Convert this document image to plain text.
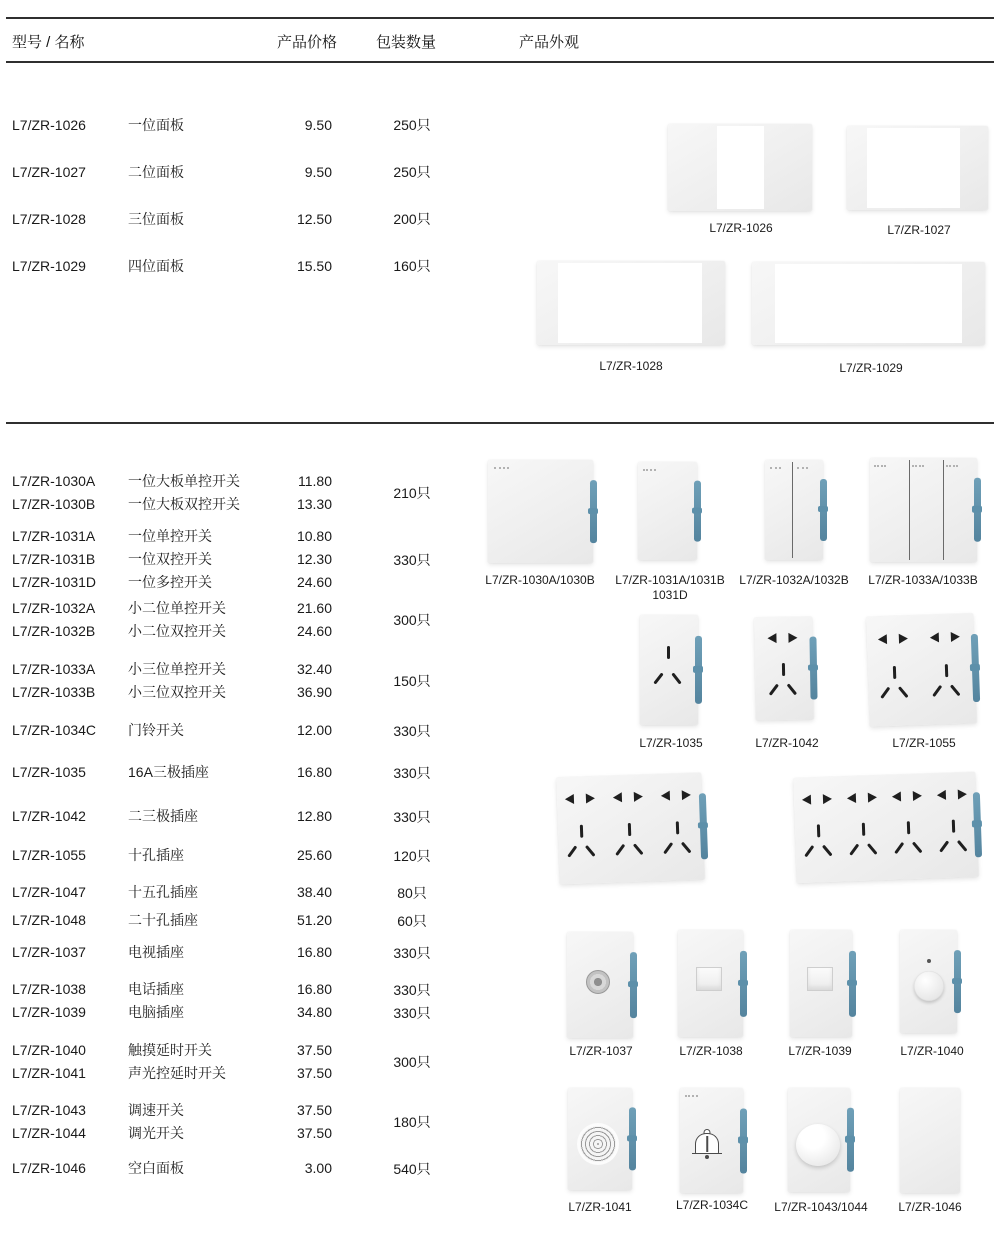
型号 / 名称	产品价格	包装数量	产品外观
L7/ZR-1026	一位面板	9.50	250只
L7/ZR-1027	二位面板	9.50	250只
L7/ZR-1028	三位面板	12.50	200只
L7/ZR-1029	四位面板	15.50	160只
L7/ZR-1030A 一位大板单控开关	11.80
L7/ZR-1030B 一位大板双控开关	13.30
210只
L7/ZR-1031A 一位单控开关	10.80
L7/ZR-1031B 一位双控开关	12.30
L7/ZR-1031D 一位多控开关	24.60
330只
L7/ZR-1032A 小二位单控开关	21.60
L7/ZR-1032B 小二位双控开关	24.60
300只
L7/ZR-1033A 小三位单控开关	32.40
L7/ZR-1033B 小三位双控开关	36.90
150只
L7/ZR-1034C 门铃开关	12.00	330只
L7/ZR-1035	16A三极插座	16.80	330只
L7/ZR-1042	二三极插座	12.80	330只
L7/ZR-1055	十孔插座	25.60	120只
L7/ZR-1047	十五孔插座	38.40	80只
L7/ZR-1048	二十孔插座	51.20	60只
L7/ZR-1037	电视插座	16.80	330只
L7/ZR-1038	电话插座	16.80	330只
L7/ZR-1039	电脑插座	34.80	330只
L7/ZR-1040	触摸延时开关	37.50
L7/ZR-1041	声光控延时开关	37.50
300只
L7/ZR-1043	调速开关	37.50
L7/ZR-1044	调光开关	37.50
180只
L7/ZR-1046	空白面板	3.00	540只
L7/ZR-1026	L7/ZR-1027
L7/ZR-1028	L7/ZR-1029
L7/ZR-1030A/1030B	L7/ZR-1031A/1031B
1031D
L7/ZR-1032A/1032B	L7/ZR-1033A/1033B
L7/ZR-1035	L7/ZR-1042	L7/ZR-1055
L7/ZR-1037	L7/ZR-1038	L7/ZR-1039	L7/ZR-1040
L7/ZR-1041	L7/ZR-1034C	L7/ZR-1043/1044	L7/ZR-1046
